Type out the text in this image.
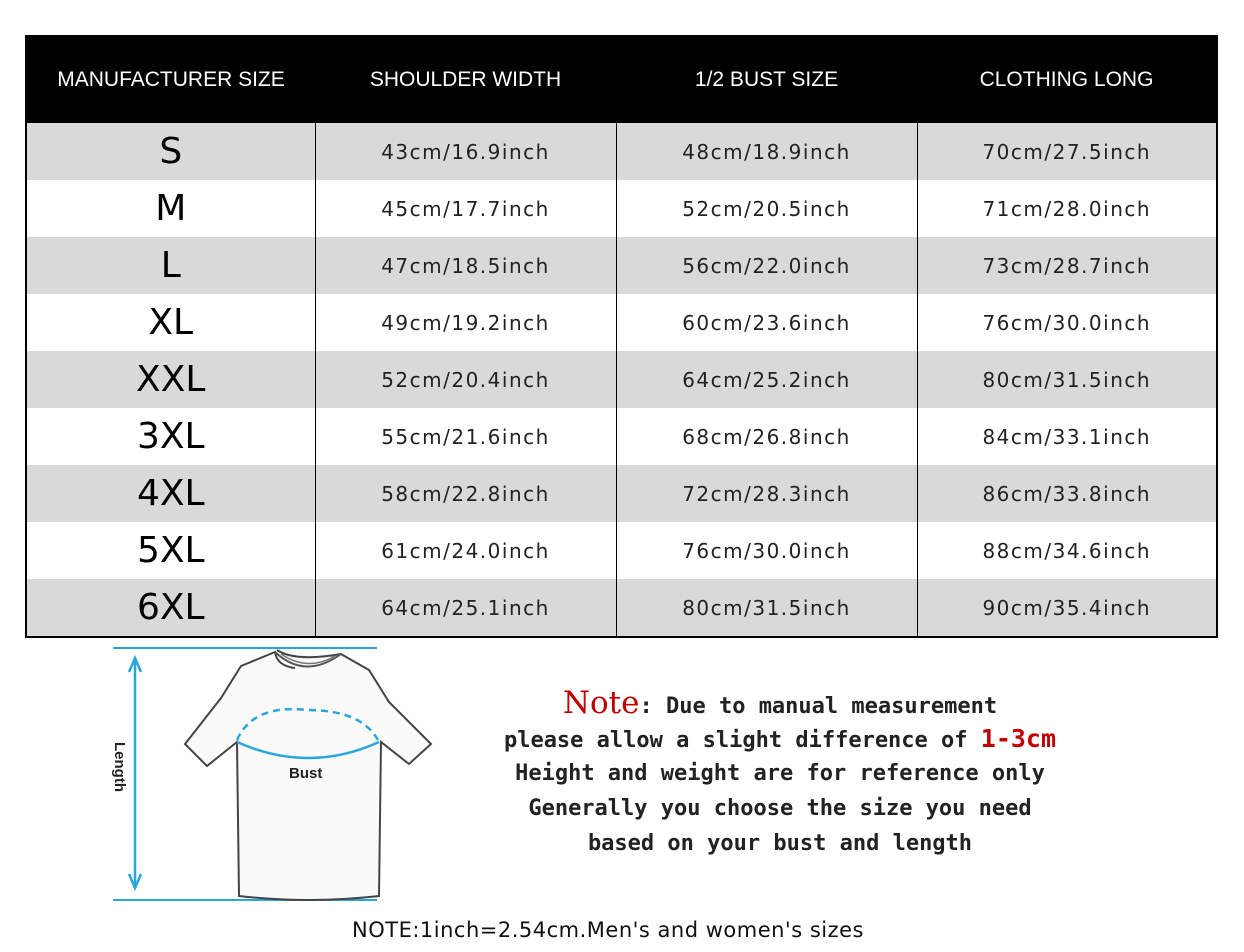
MANUFACTURER SIZE	SHOULDER WIDTH	1/2 BUST SIZE	CLOTHING LONG
S	43cm/16.9inch	48cm/18.9inch	70cm/27.5inch
M	45cm/17.7inch	52cm/20.5inch	71cm/28.0inch
L	47cm/18.5inch	56cm/22.0inch	73cm/28.7inch
XL	49cm/19.2inch	60cm/23.6inch	76cm/30.0inch
XXL	52cm/20.4inch	64cm/25.2inch	80cm/31.5inch
3XL	55cm/21.6inch	68cm/26.8inch	84cm/33.1inch
4XL	58cm/22.8inch	72cm/28.3inch	86cm/33.8inch
5XL	61cm/24.0inch	76cm/30.0inch	88cm/34.6inch
6XL	64cm/25.1inch	80cm/31.5inch	90cm/35.4inch
Length	Bust
Note: Due to manual measurement
please allow a slight difference of 1-3cm
Height and weight are for reference only
Generally you choose the size you need
based on your bust and length
NOTE:1inch=2.54cm.Men's and women's sizes
